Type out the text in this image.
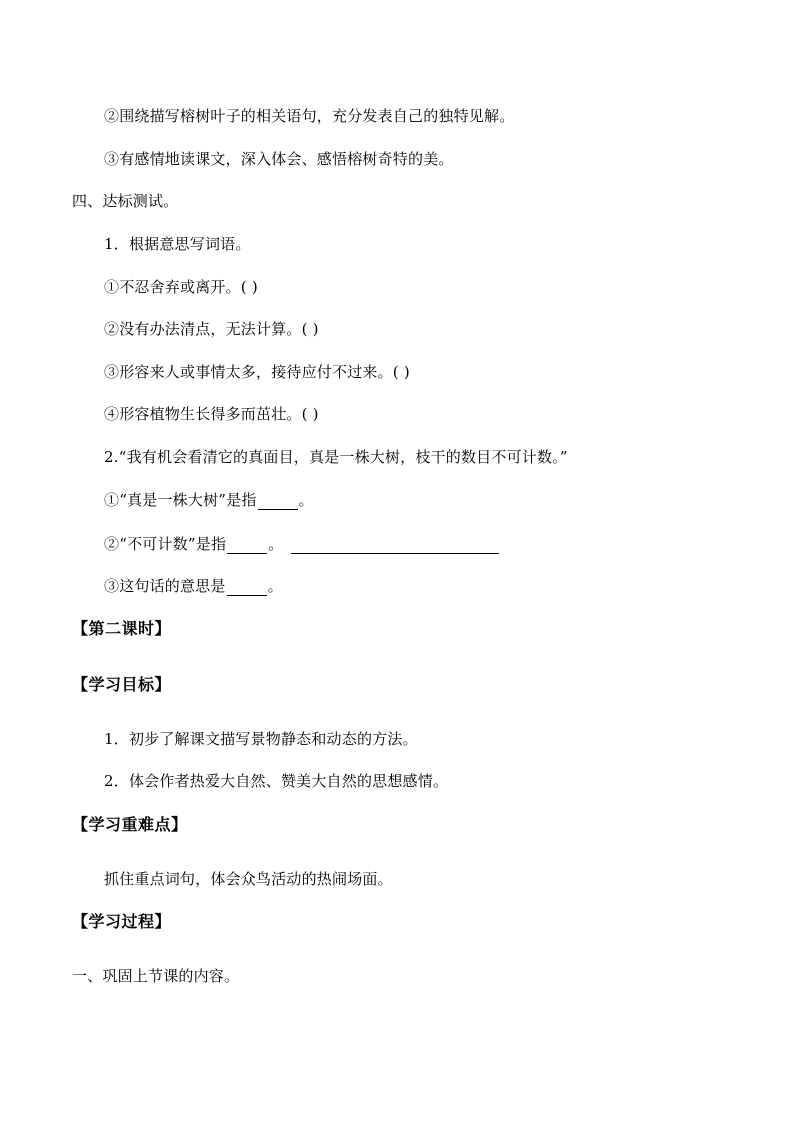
②围绕描写榕树叶子的相关语句，充分发表自己的独特见解。
③有感情地读课文，深入体会、感悟榕树奇特的美。
四、达标测试。
1．根据意思写词语。
①不忍舍弃或离开。( )
②没有办法清点，无法计算。( )
③形容来人或事情太多，接待应付不过来。( )
④形容植物生长得多而茁壮。( )
2.“我有机会看清它的真面目，真是一株大树，枝干的数目不可计数。”
①“真是一株大树”是指	。
②“不可计数”是指	。
③这句话的意思是	。
【第二课时】
【学习目标】
1．初步了解课文描写景物静态和动态的方法。
2．体会作者热爱大自然、赞美大自然的思想感情。
【学习重难点】
抓住重点词句，体会众鸟活动的热闹场面。
【学习过程】
一、巩固上节课的内容。
